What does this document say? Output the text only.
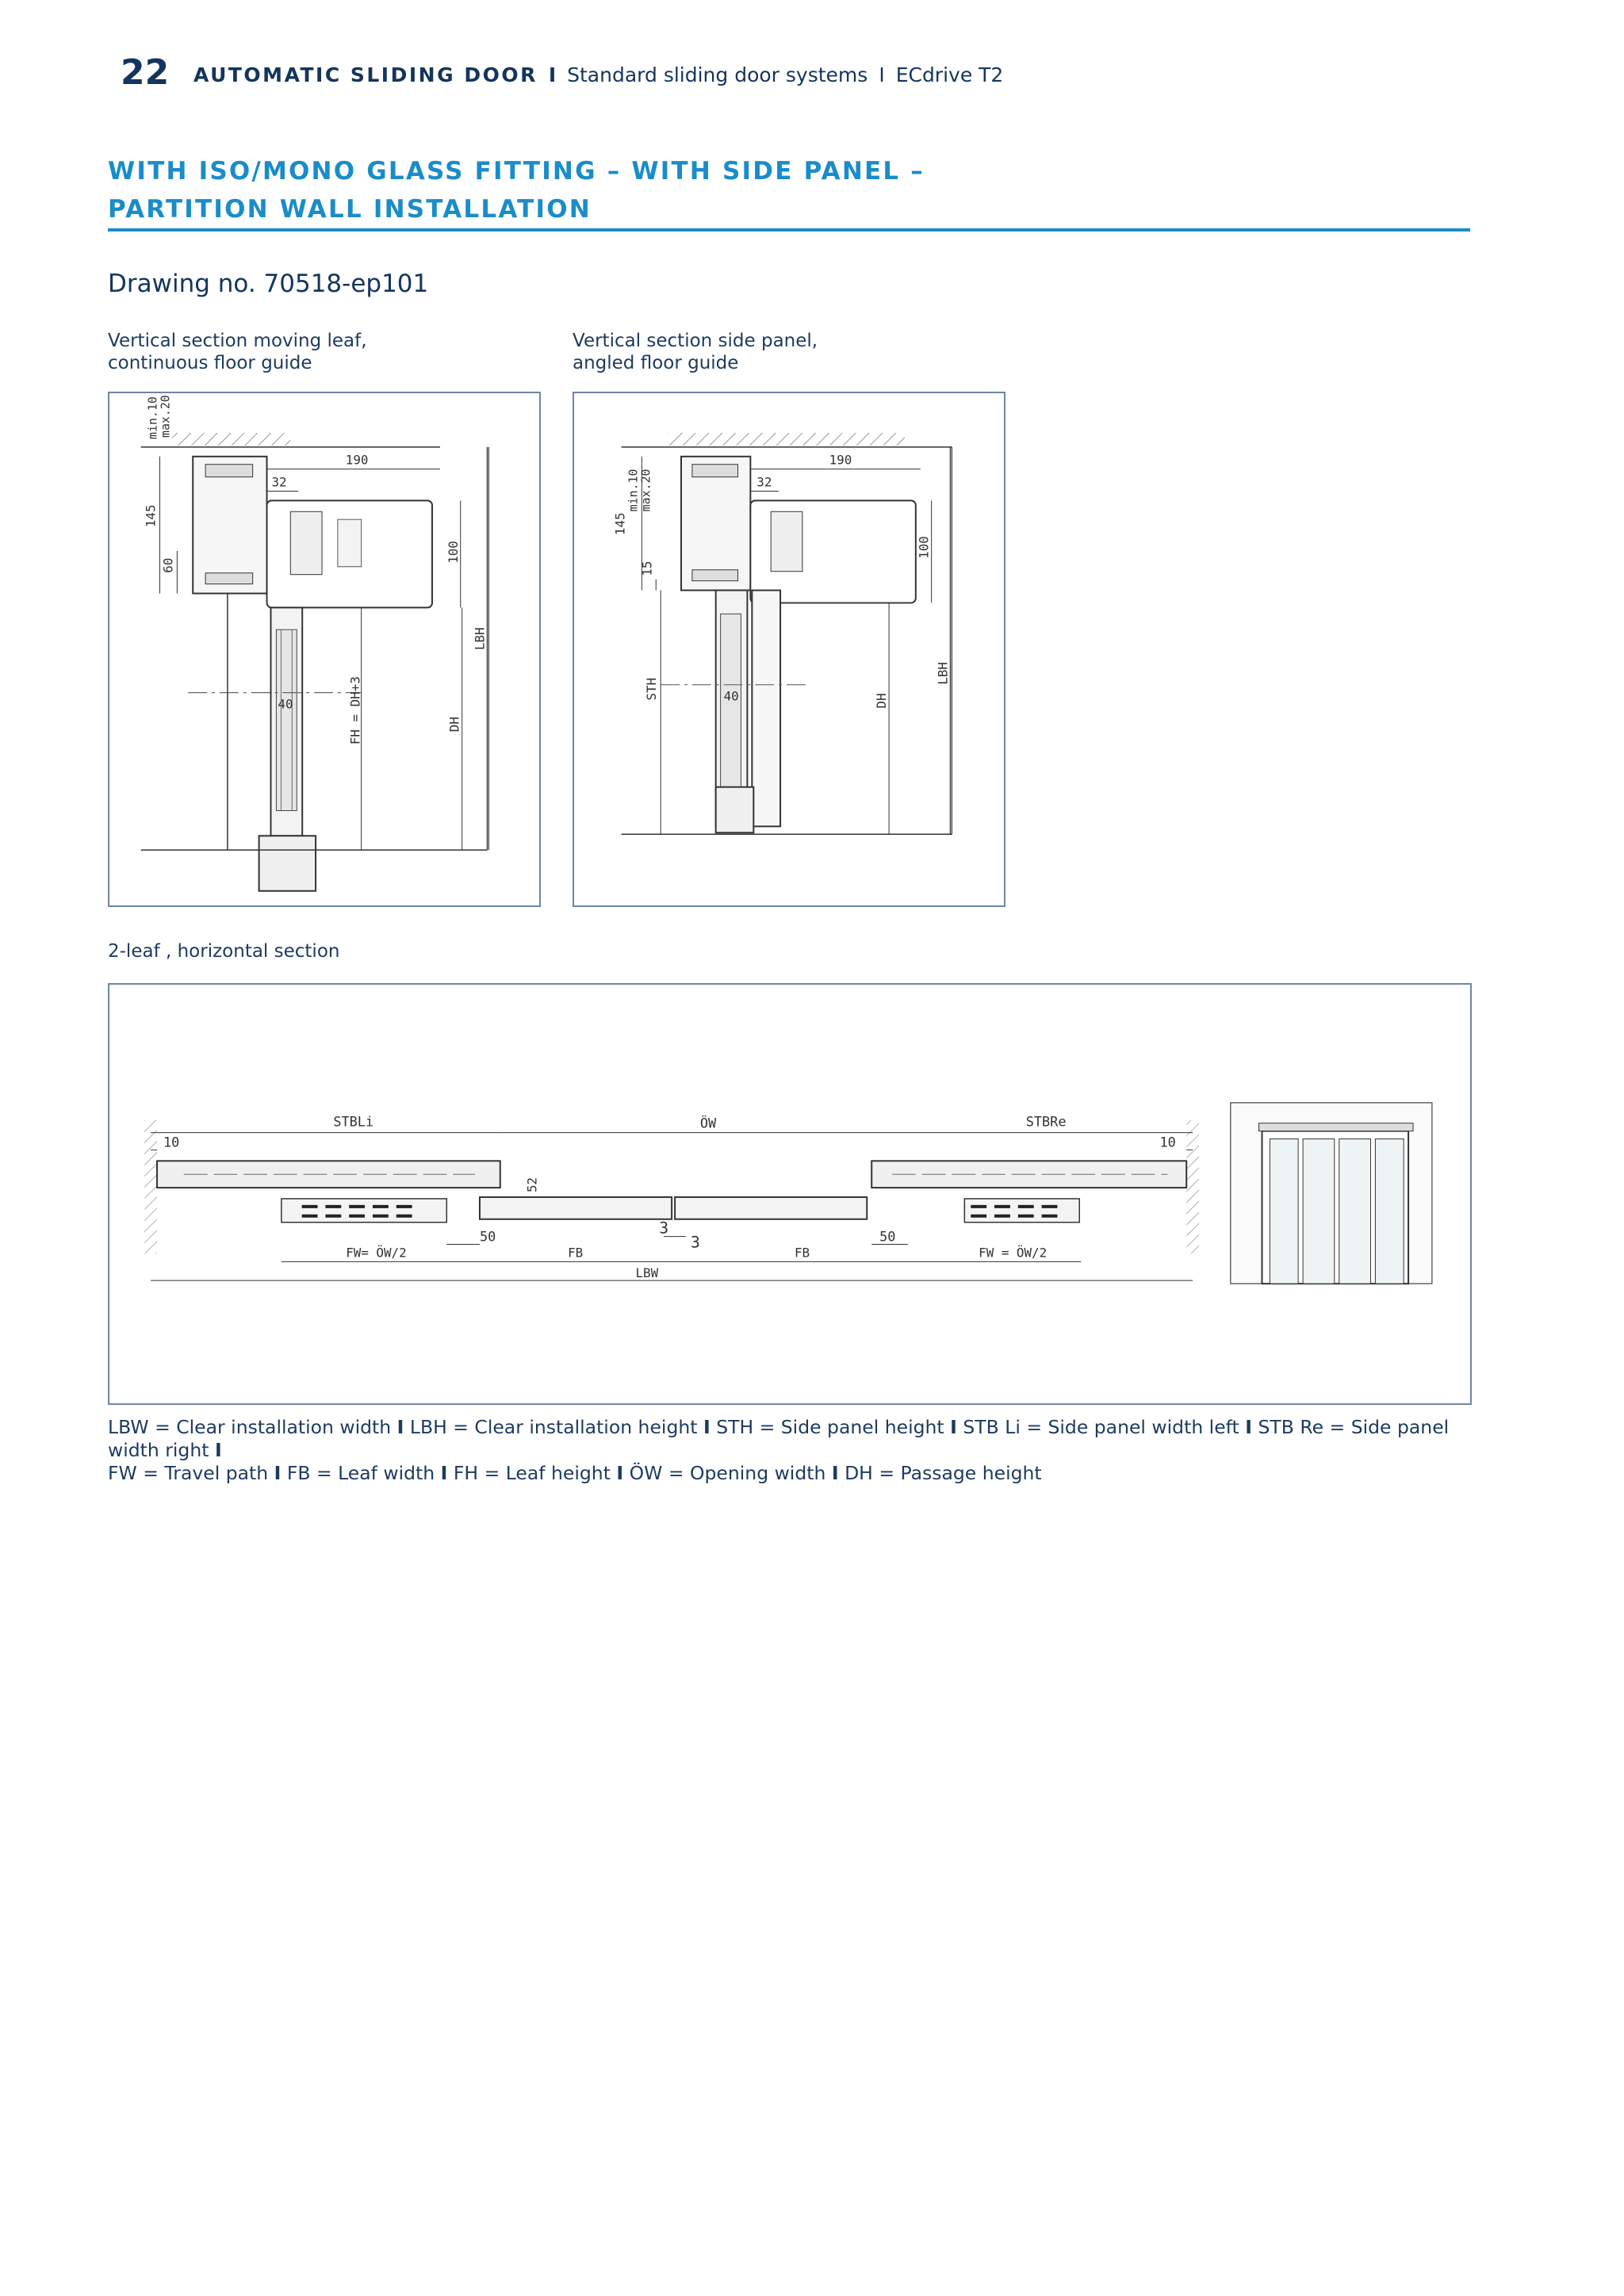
22 AUTOMATIC SLIDING DOOR I Standard sliding door systems I ECdrive T2
WITH ISO/MONO GLASS FITTING – WITH SIDE PANEL –
PARTITION WALL INSTALLATION
Drawing no. 70518-ep101
Vertical section moving leaf,
continuous floor guide
Vertical section side panel,
angled floor guide
min.10
max.20
190
32
145
60
100
40
LBH
FH = DH+3	DH
min.10
max.20
190
32
145
15
100
40
STH
DH
LBH
2-leaf , horizontal section
STBLi	ÖW	STBRe
10	10
52
50	50
3
3
FW= ÖW/2	FB	FB	FW = ÖW/2
LBW
LBW = Clear installation width I LBH = Clear installation height I STH = Side panel height I STB Li = Side panel width left I STB Re = Side panel width right I
FW = Travel path I FB = Leaf width I FH = Leaf height I ÖW = Opening width I DH = Passage height
